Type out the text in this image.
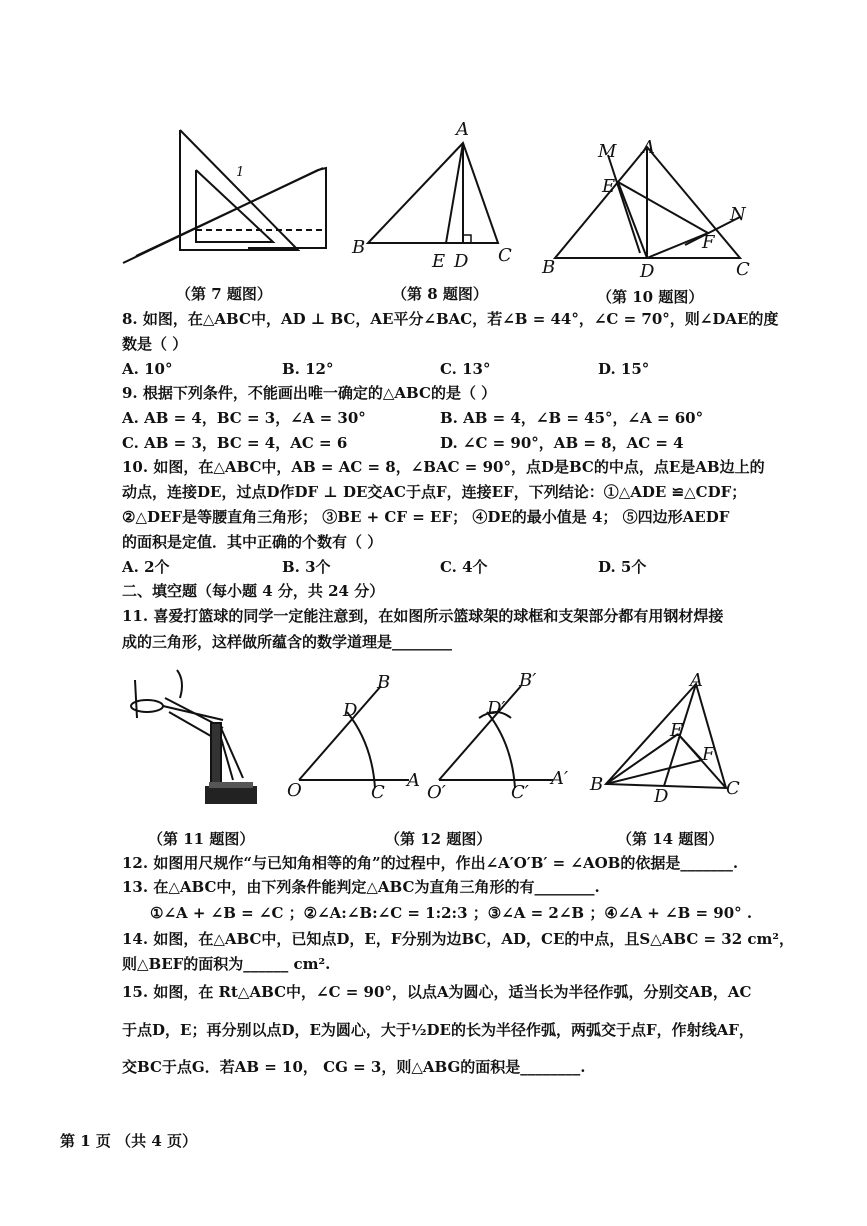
1
（第 7 题图）
A
B
E D C
（第 8 题图）
M A
E
N
F
B	D	C
（第 10 题图）
8. 如图，在△ABC中，AD ⊥ BC，AE平分∠BAC，若∠B = 44°，∠C = 70°，则∠DAE的度
数是（ ）
A. 10°	B. 12°	C. 13°	D. 15°
9. 根据下列条件，不能画出唯一确定的△ABC的是（ ）
A. AB = 4，BC = 3，∠A = 30°	B. AB = 4，∠B = 45°，∠A = 60°
C. AB = 3，BC = 4，AC = 6	D. ∠C = 90°，AB = 8，AC = 4
10. 如图，在△ABC中，AB = AC = 8，∠BAC = 90°，点D是BC的中点，点E是AB边上的
动点，连接DE，过点D作DF ⊥ DE交AC于点F，连接EF，下列结论：①△ADE ≌△CDF；
②△DEF是等腰直角三角形； ③BE + CF = EF； ④DE的最小值是 4； ⑤四边形AEDF
的面积是定值．其中正确的个数有（ ）
A. 2个	B. 3个	C. 4个	D. 5个
二、填空题（每小题 4 分，共 24 分）
11. 喜爱打篮球的同学一定能注意到，在如图所示篮球架的球框和支架部分都有用钢材焊接
成的三角形，这样做所蕴含的数学道理是________
（第 11 题图）
B
D
O	C
A
B′
D′
O′	C′
A′
（第 12 题图）
A
E
F
B
D	C
（第 14 题图）
12. 如图用尺规作“与已知角相等的角”的过程中，作出∠A′O′B′ = ∠AOB的依据是_______.
13. 在△ABC中，由下列条件能判定△ABC为直角三角形的有________.
①∠A + ∠B = ∠C ；②∠A:∠B:∠C = 1:2:3 ；③∠A = 2∠B ；④∠A + ∠B = 90° .
14. 如图，在△ABC中，已知点D，E，F分别为边BC，AD，CE的中点，且S△ABC = 32 cm²，
则△BEF的面积为______ cm².
15. 如图，在 Rt△ABC中，∠C = 90°，以点A为圆心，适当长为半径作弧，分别交AB，AC
于点D，E；再分别以点D，E为圆心，大于½DE的长为半径作弧，两弧交于点F，作射线AF，
交BC于点G．若AB = 10， CG = 3，则△ABG的面积是________.
第 1 页 （共 4 页）
